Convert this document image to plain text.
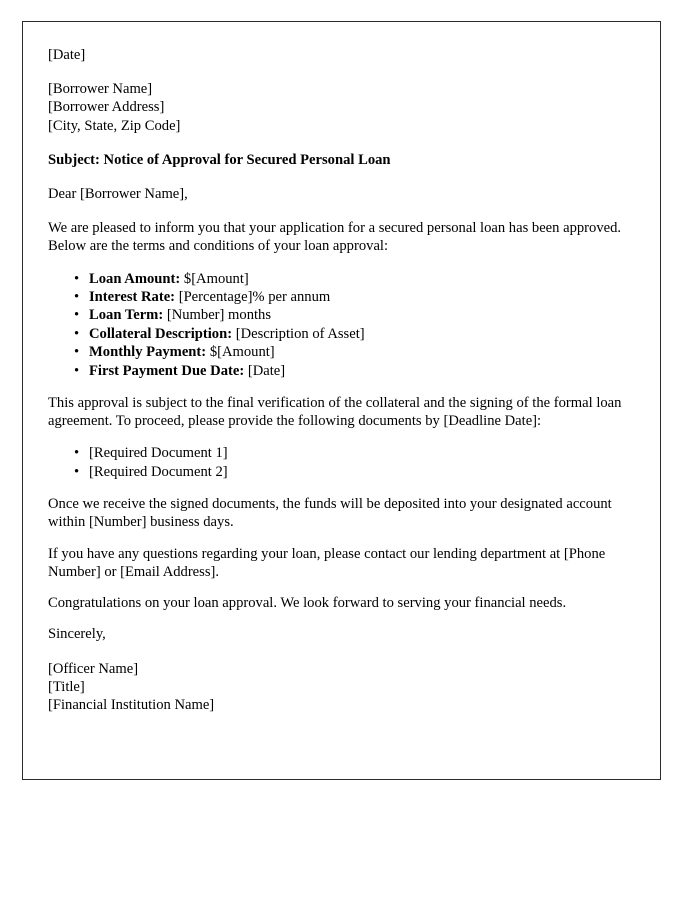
[Date]
[Borrower Name]
[Borrower Address]
[City, State, Zip Code]
Subject: Notice of Approval for Secured Personal Loan
Dear [Borrower Name],

We are pleased to inform you that your application for a secured personal loan has been approved. Below are the terms and conditions of your loan approval:

• Loan Amount: $[Amount]
• Interest Rate: [Percentage]% per annum
• Loan Term: [Number] months
• Collateral Description: [Description of Asset]
• Monthly Payment: $[Amount]
• First Payment Due Date: [Date]

This approval is subject to the final verification of the collateral and the signing of the formal loan agreement. To proceed, please provide the following documents by [Deadline Date]:

• [Required Document 1]
• [Required Document 2]

Once we receive the signed documents, the funds will be deposited into your designated account within [Number] business days.

If you have any questions regarding your loan, please contact our lending department at [Phone Number] or [Email Address].

Congratulations on your loan approval. We look forward to serving your financial needs.

Sincerely,
[Officer Name]
[Title]
[Financial Institution Name]
